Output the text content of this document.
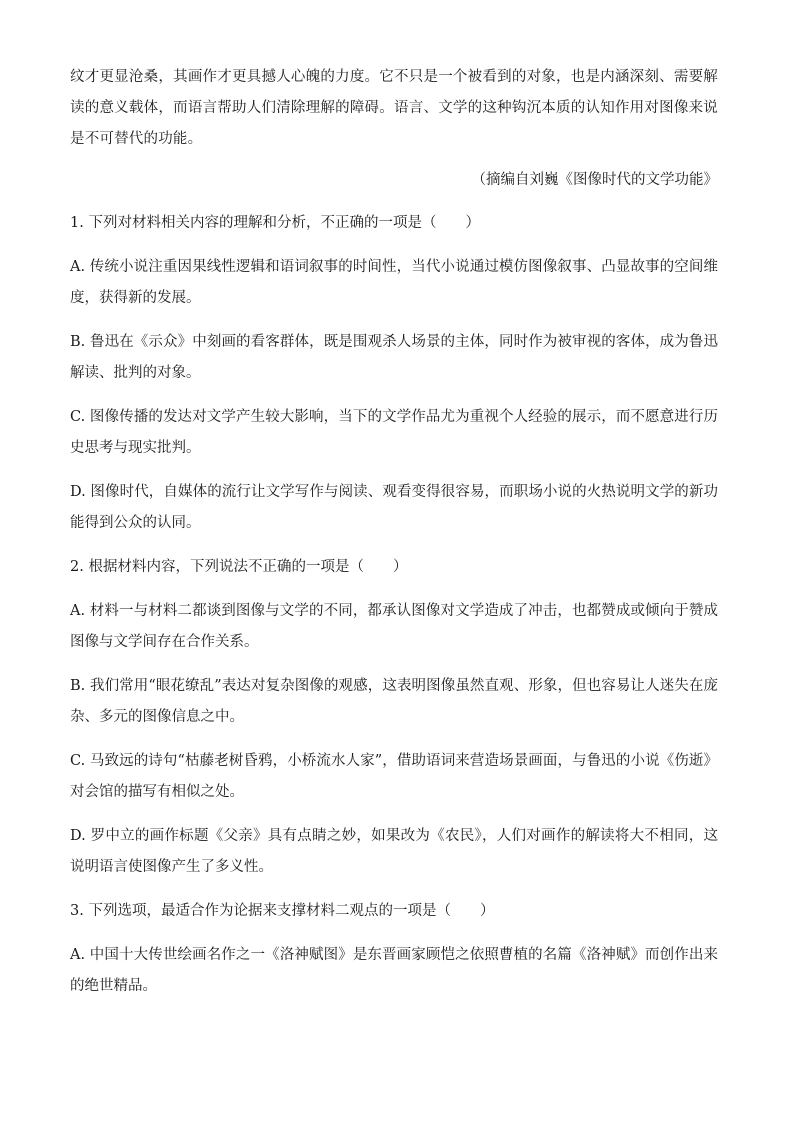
纹才更显沧桑，其画作才更具撼人心魄的力度。它不只是一个被看到的对象，也是内涵深刻、需要解读的意义载体，而语言帮助人们清除理解的障碍。语言、文学的这种钩沉本质的认知作用对图像来说是不可替代的功能。

（摘编自刘巍《图像时代的文学功能》

1. 下列对材料相关内容的理解和分析，不正确的一项是（　　）

A. 传统小说注重因果线性逻辑和语词叙事的时间性，当代小说通过模仿图像叙事、凸显故事的空间维度，获得新的发展。

B. 鲁迅在《示众》中刻画的看客群体，既是围观杀人场景的主体，同时作为被审视的客体，成为鲁迅解读、批判的对象。

C. 图像传播的发达对文学产生较大影响，当下的文学作品尤为重视个人经验的展示，而不愿意进行历史思考与现实批判。

D. 图像时代，自媒体的流行让文学写作与阅读、观看变得很容易，而职场小说的火热说明文学的新功能得到公众的认同。

2. 根据材料内容，下列说法不正确的一项是（　　）

A. 材料一与材料二都谈到图像与文学的不同，都承认图像对文学造成了冲击，也都赞成或倾向于赞成图像与文学间存在合作关系。

B. 我们常用“眼花缭乱”表达对复杂图像的观感，这表明图像虽然直观、形象，但也容易让人迷失在庞杂、多元的图像信息之中。

C. 马致远的诗句“枯藤老树昏鸦，小桥流水人家”，借助语词来营造场景画面，与鲁迅的小说《伤逝》对会馆的描写有相似之处。

D. 罗中立的画作标题《父亲》具有点睛之妙，如果改为《农民》，人们对画作的解读将大不相同，这说明语言使图像产生了多义性。

3. 下列选项，最适合作为论据来支撑材料二观点的一项是（　　）

A. 中国十大传世绘画名作之一《洛神赋图》是东晋画家顾恺之依照曹植的名篇《洛神赋》而创作出来的绝世精品。
